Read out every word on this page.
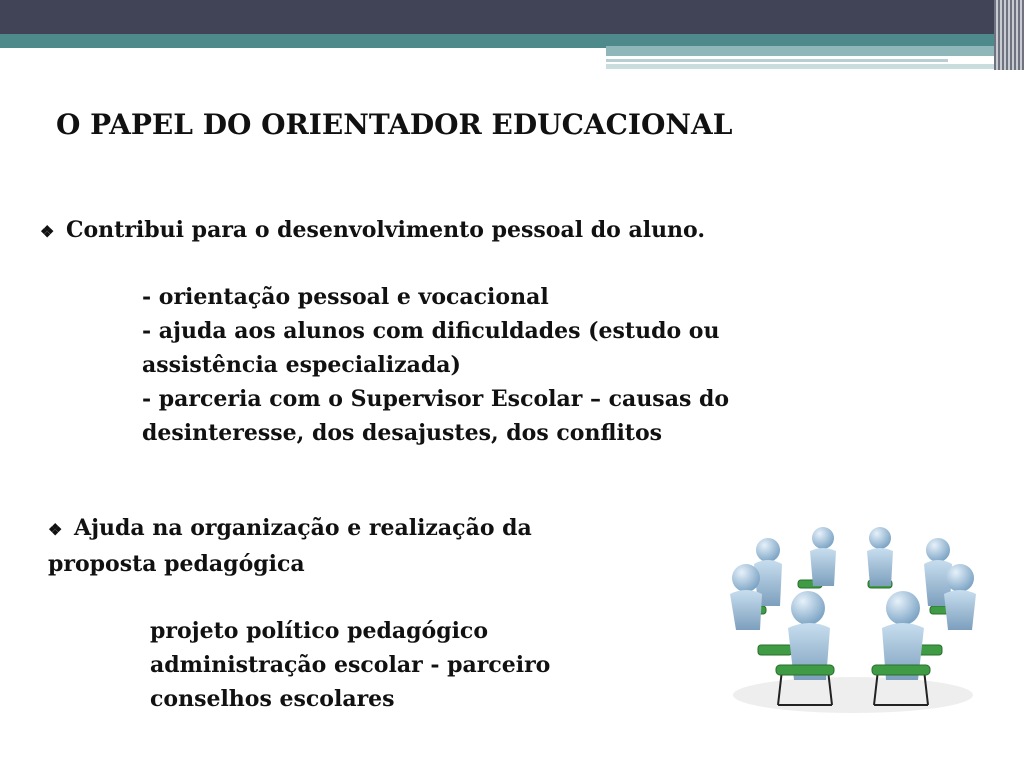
O PAPEL DO ORIENTADOR EDUCACIONAL
❖ Contribui para o desenvolvimento pessoal do aluno.
- orientação pessoal e vocacional
- ajuda aos alunos com dificuldades (estudo ou
assistência especializada)
- parceria com o Supervisor Escolar – causas do
desinteresse, dos desajustes, dos conflitos
❖ Ajuda na organização e realização da
proposta pedagógica
projeto político pedagógico
administração escolar - parceiro
conselhos escolares
